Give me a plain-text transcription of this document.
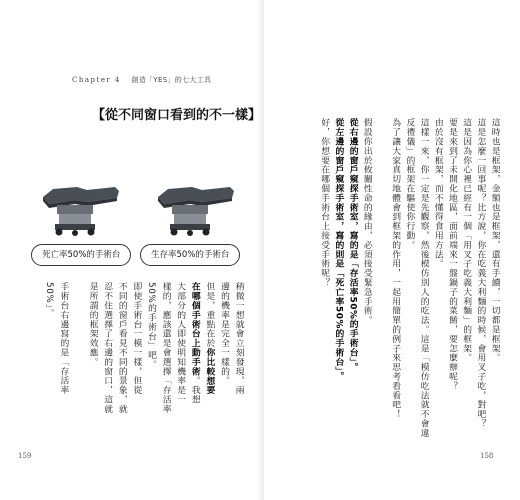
Chapter 4 創造「YES」的七大工具
【從不同窗口看到的不一樣】
死亡率50%的手術台	生存率50%的手術台
稍微一想就會立刻發現，兩
邊的機率是完全一樣的。
但是，重點在於你比較想要
在哪個手術台上動手術。我想
大部分的人即使明知機率是一
樣的，應該還是會選擇「存活率
50%的手術台」吧。
即使手術台一模一樣，但從
不同的窗戶看見不同的景象，就
忍不住選擇了右邊的窗口，這就
是所謂的框架效應。
手術台右邊寫的是「存活率
50%」。	這時也是框架，金額也是框架，還有手續，一切都是框架。
這是怎麼一回事呢？比方說，你在吃義大利麵的時候，會用叉子吃，對吧？
這是因為你心裡已經有一個「用叉子吃義大利麵」的框架。
要是來到了未開化地區，面前端來一盤鍋子的菜餚，要怎麼辦呢？
由於沒有框架，而不懂得食用方法。
這樣一來，你一定是先觀察，然後模仿別人的吃法。這是「模仿吃法就不會違
反禮儀」的框架在驅使你行動。
為了讓大家真切地體會到框架的作用，一起用簡單的例子來思考看看吧！
假設你出於攸關性命的緣由，必須接受緊急手術。
從右邊的窗戶窺探手術室，寫的是「存活率50%的手術台」。
從左邊的窗戶窺探手術室，寫的則是「死亡率50%的手術台」。
好，你想要在哪個手術台上接受手術呢？
159	158
